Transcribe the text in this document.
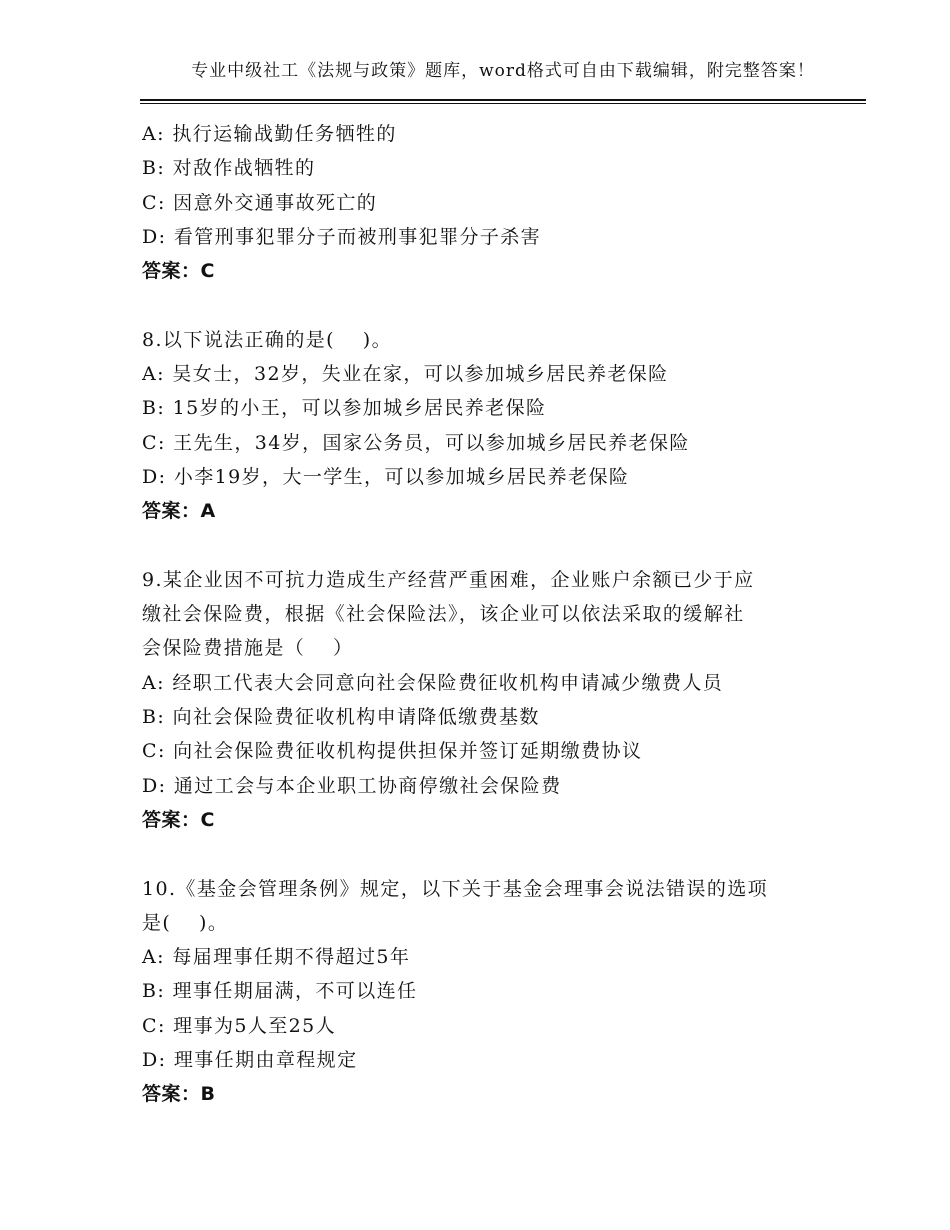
专业中级社工《法规与政策》题库，word格式可自由下载编辑，附完整答案！
A: 执行运输战勤任务牺牲的
B: 对敌作战牺牲的
C: 因意外交通事故死亡的
D: 看管刑事犯罪分子而被刑事犯罪分子杀害
答案：C
8.以下说法正确的是(　 )。
A: 吴女士，32岁，失业在家，可以参加城乡居民养老保险
B: 15岁的小王，可以参加城乡居民养老保险
C: 王先生，34岁，国家公务员，可以参加城乡居民养老保险
D: 小李19岁，大一学生，可以参加城乡居民养老保险
答案：A
9.某企业因不可抗力造成生产经营严重困难，企业账户余额已少于应
缴社会保险费，根据《社会保险法》，该企业可以依法采取的缓解社
会保险费措施是（　 ）
A: 经职工代表大会同意向社会保险费征收机构申请减少缴费人员
B: 向社会保险费征收机构申请降低缴费基数
C: 向社会保险费征收机构提供担保并签订延期缴费协议
D: 通过工会与本企业职工协商停缴社会保险费
答案：C
10.《基金会管理条例》规定，以下关于基金会理事会说法错误的选项
是(　 )。
A: 每届理事任期不得超过5年
B: 理事任期届满，不可以连任
C: 理事为5人至25人
D: 理事任期由章程规定
答案：B
